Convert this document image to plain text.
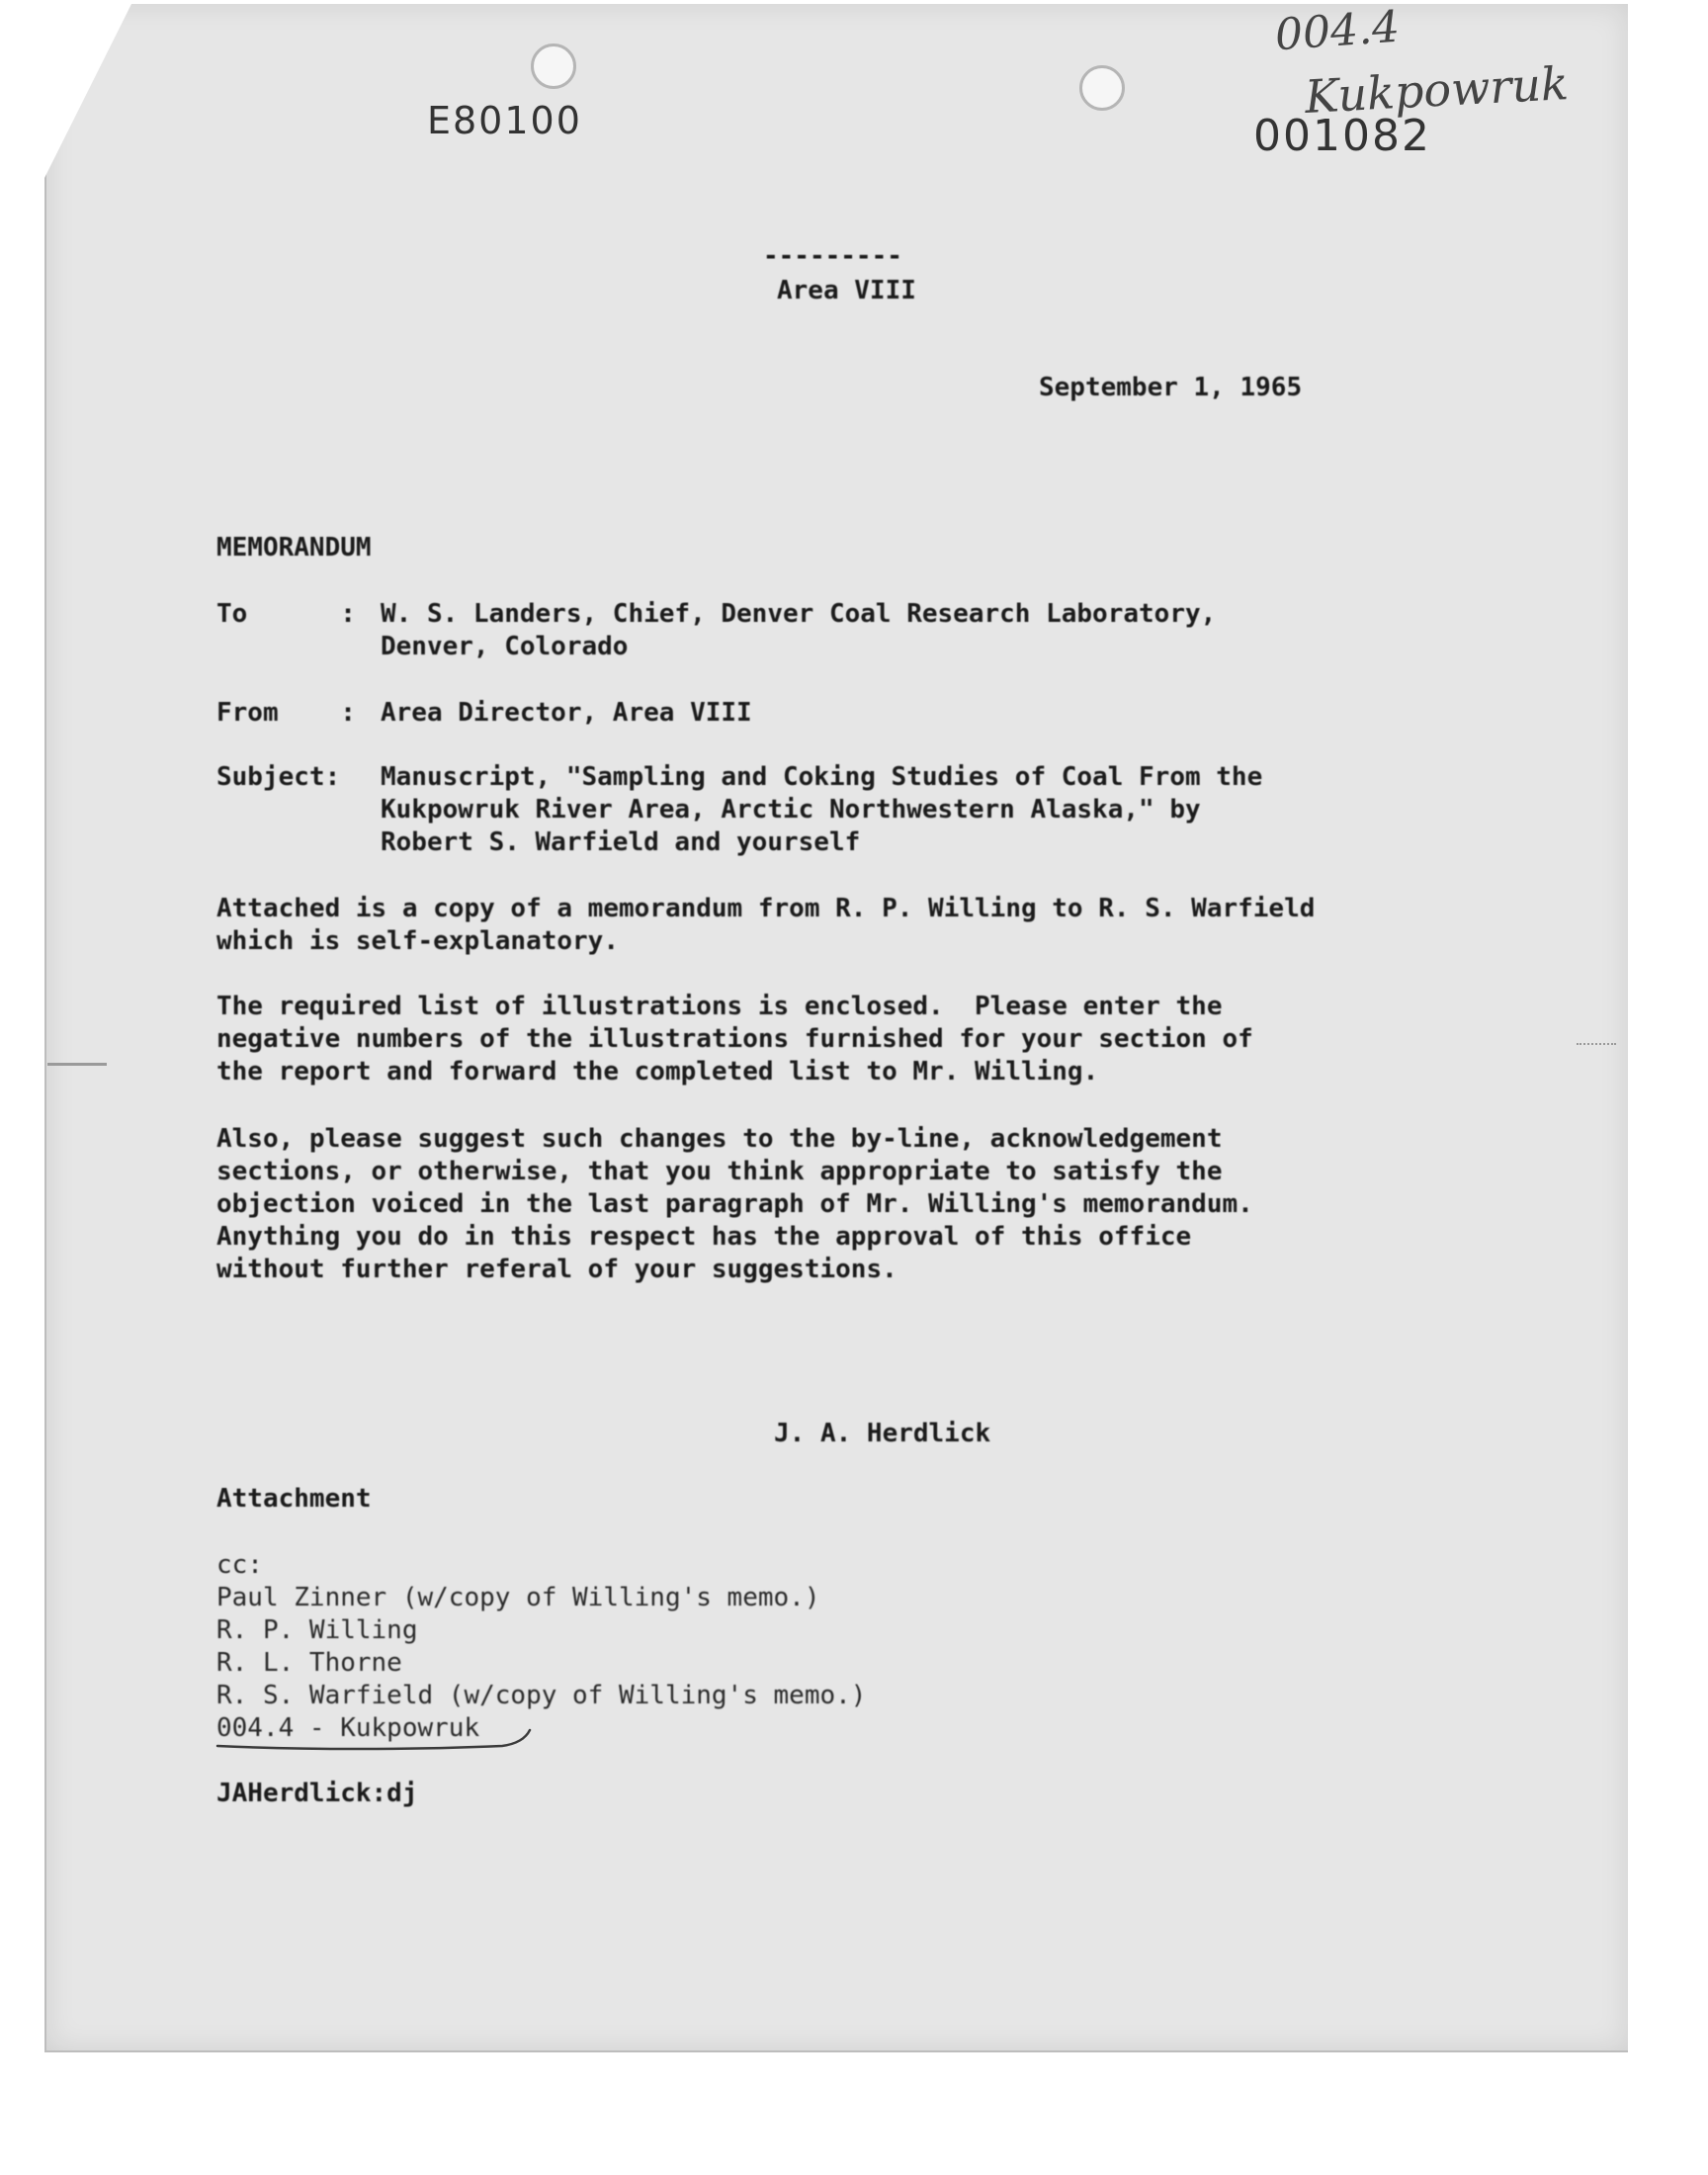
E80100	001082
004.4
Kukpowruk
---------
Area VIII
September 1, 1965
MEMORANDUM
To      : W. S. Landers, Chief, Denver Coal Research Laboratory,
Denver, Colorado
From    : Area Director, Area VIII
Subject: Manuscript, "Sampling and Coking Studies of Coal From the
Kukpowruk River Area, Arctic Northwestern Alaska," by
Robert S. Warfield and yourself
Attached is a copy of a memorandum from R. P. Willing to R. S. Warfield
which is self-explanatory.
The required list of illustrations is enclosed.  Please enter the
negative numbers of the illustrations furnished for your section of
the report and forward the completed list to Mr. Willing.
Also, please suggest such changes to the by-line, acknowledgement
sections, or otherwise, that you think appropriate to satisfy the
objection voiced in the last paragraph of Mr. Willing's memorandum.
Anything you do in this respect has the approval of this office
without further referal of your suggestions.
J. A. Herdlick
Attachment
cc:
Paul Zinner (w/copy of Willing's memo.)
R. P. Willing
R. L. Thorne
R. S. Warfield (w/copy of Willing's memo.)
004.4 - Kukpowruk
JAHerdlick:dj
